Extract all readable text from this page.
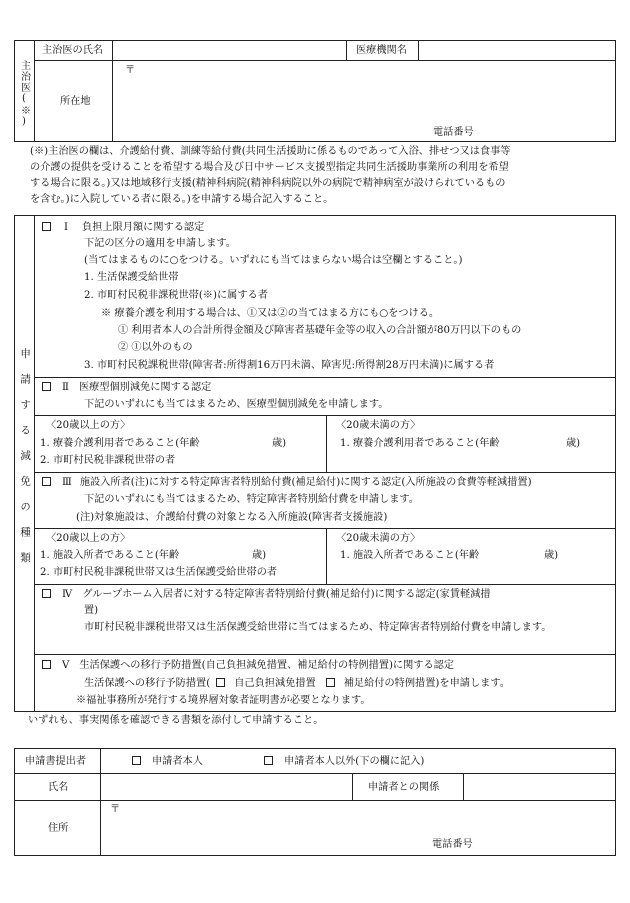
主治医(※)
主治医の氏名	医療機関名
〒
所在地
電話番号
(※)主治医の欄は、介護給付費、訓練等給付費(共同生活援助に係るものであって入浴、排せつ又は食事等
の介護の提供を受けることを希望する場合及び日中サービス支援型指定共同生活援助事業所の利用を希望
する場合に限る。)又は地域移行支援(精神科病院(精神科病院以外の病院で精神病室が設けられているもの
を含む。)に入院している者に限る。)を申請する場合記入すること。
申請する減免の種類
Ⅰ 負担上限月額に関する認定
下記の区分の適用を申請します。
(当てはまるものに○をつける。いずれにも当てはまらない場合は空欄とすること。)
1. 生活保護受給世帯
2. 市町村民税非課税世帯(※)に属する者
※ 療養介護を利用する場合は、①又は②の当てはまる方にも○をつける。
① 利用者本人の合計所得金額及び障害者基礎年金等の収入の合計額が80万円以下のもの
② ①以外のもの
3. 市町村民税課税世帯(障害者:所得割16万円未満、障害児:所得割28万円未満)に属する者
Ⅱ 医療型個別減免に関する認定
下記のいずれにも当てはまるため、医療型個別減免を申請します。
〈20歳以上の方〉
1. 療養介護利用者であること(年齢	歳)
2. 市町村民税非課税世帯の者
〈20歳未満の方〉
1. 療養介護利用者であること(年齢	歳)
Ⅲ 施設入所者(注)に対する特定障害者特別給付費(補足給付)に関する認定(入所施設の食費等軽減措置)
下記のいずれにも当てはまるため、特定障害者特別給付費を申請します。
(注)対象施設は、介護給付費の対象となる入所施設(障害者支援施設)
〈20歳以上の方〉
1. 施設入所者であること(年齢	歳)
2. 市町村民税非課税世帯又は生活保護受給世帯の者
〈20歳未満の方〉
1. 施設入所者であること(年齢	歳)
Ⅳ グループホーム入居者に対する特定障害者特別給付費(補足給付)に関する認定(家賃軽減措
置)
市町村民税非課税世帯又は生活保護受給世帯に当てはまるため、特定障害者特別給付費を申請します。
Ⅴ 生活保護への移行予防措置(自己負担減免措置、補足給付の特例措置)に関する認定
生活保護への移行予防措置( 自己負担減免措置	補足給付の特例措置)を申請します。
※福祉事務所が発行する境界層対象者証明書が必要となります。
いずれも、事実関係を確認できる書類を添付して申請すること。
申請書提出者	申請者本人	申請者本人以外(下の欄に記入)
氏名	申請者との関係
〒
住所
電話番号
